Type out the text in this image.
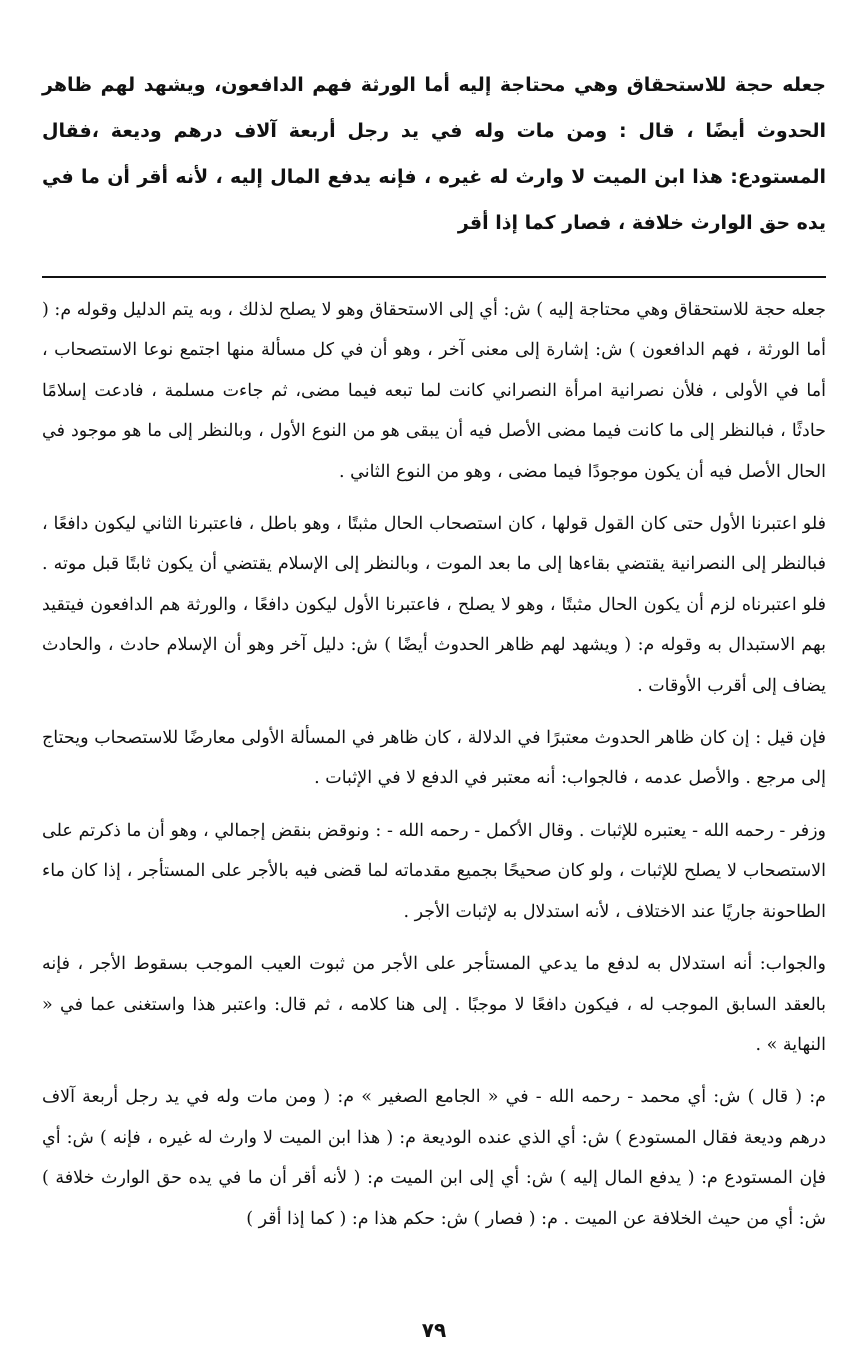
جعله حجة للاستحقاق وهي محتاجة إليه أما الورثة فهم الدافعون، ويشهد لهم ظاهر الحدوث أيضًا ، قال : ومن مات وله في يد رجل أربعة آلاف درهم وديعة ،فقال المستودع: هذا ابن الميت لا وارث له غيره ، فإنه يدفع المال إليه ، لأنه أقر أن ما في يده حق الوارث خلافة ، فصار كما إذا أقر

جعله حجة للاستحقاق وهي محتاجة إليه ) ش: أي إلى الاستحقاق وهو لا يصلح لذلك ، وبه يتم الدليل وقوله م: ( أما الورثة ، فهم الدافعون ) ش: إشارة إلى معنى آخر ، وهو أن في كل مسألة منها اجتمع نوعا الاستصحاب ، أما في الأولى ، فلأن نصرانية امرأة النصراني كانت لما تبعه فيما مضى، ثم جاءت مسلمة ، فادعت إسلامًا حادثًا ، فبالنظر إلى ما كانت فيما مضى الأصل فيه أن يبقى هو من النوع الأول ، وبالنظر إلى ما هو موجود في الحال الأصل فيه أن يكون موجودًا فيما مضى ، وهو من النوع الثاني .

فلو اعتبرنا الأول حتى كان القول قولها ، كان استصحاب الحال مثبتًا ، وهو باطل ، فاعتبرنا الثاني ليكون دافعًا ، فبالنظر إلى النصرانية يقتضي بقاءها إلى ما بعد الموت ، وبالنظر إلى الإسلام يقتضي أن يكون ثابتًا قبل موته . فلو اعتبرناه لزم أن يكون الحال مثبتًا ، وهو لا يصلح ، فاعتبرنا الأول ليكون دافعًا ، والورثة هم الدافعون فيتقيد بهم الاستبدال به وقوله م: ( ويشهد لهم ظاهر الحدوث أيضًا ) ش: دليل آخر وهو أن الإسلام حادث ، والحادث يضاف إلى أقرب الأوقات .

فإن قيل : إن كان ظاهر الحدوث معتبرًا في الدلالة ، كان ظاهر في المسألة الأولى معارضًا للاستصحاب ويحتاج إلى مرجع . والأصل عدمه ، فالجواب: أنه معتبر في الدفع لا في الإثبات .

وزفر - رحمه الله - يعتبره للإثبات . وقال الأكمل - رحمه الله - : ونوقض بنقض إجمالي ، وهو أن ما ذكرتم على الاستصحاب لا يصلح للإثبات ، ولو كان صحيحًا بجميع مقدماته لما قضى فيه بالأجر على المستأجر ، إذا كان ماء الطاحونة جاريًا عند الاختلاف ، لأنه استدلال به لإثبات الأجر .

والجواب: أنه استدلال به لدفع ما يدعي المستأجر على الأجر من ثبوت العيب الموجب بسقوط الأجر ، فإنه بالعقد السابق الموجب له ، فيكون دافعًا لا موجبًا . إلى هنا كلامه ، ثم قال: واعتبر هذا واستغنى عما في « النهاية » .

م: ( قال ) ش: أي محمد - رحمه الله - في « الجامع الصغير » م: ( ومن مات وله في يد رجل أربعة آلاف درهم وديعة فقال المستودع ) ش: أي الذي عنده الوديعة م: ( هذا ابن الميت لا وارث له غيره ، فإنه ) ش: أي فإن المستودع م: ( يدفع المال إليه ) ش: أي إلى ابن الميت م: ( لأنه أقر أن ما في يده حق الوارث خلافة ) ش: أي من حيث الخلافة عن الميت . م: ( فصار ) ش: حكم هذا م: ( كما إذا أقر )

٧٩
